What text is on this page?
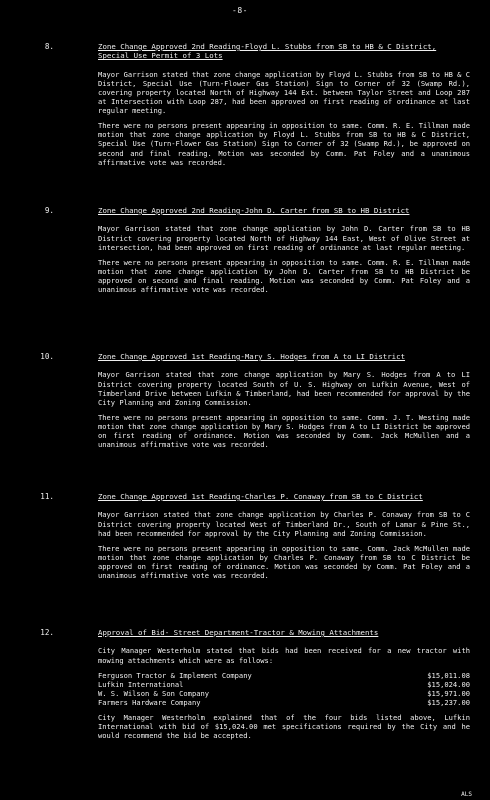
-8-
8.	Zone Change Approved 2nd Reading-Floyd L. Stubbs from SB to HB & C District, Special Use Permit of 3 Lots
Mayor Garrison stated that zone change application by Floyd L. Stubbs from SB to HB & C District, Special Use (Turn-Flower Gas Station) Sign to Corner of 32 (Swamp Rd.), covering property located North of Highway 144 Ext. between Taylor Street and Loop 287 at Intersection with Loop 287, had been approved on first reading of ordinance at last regular meeting.
There were no persons present appearing in opposition to same. Comm. R. E. Tillman made motion that zone change application by Floyd L. Stubbs from SB to HB & C District, Special Use (Turn-Flower Gas Station) Sign to Corner of 32 (Swamp Rd.), be approved on second and final reading. Motion was seconded by Comm. Pat Foley and a unanimous affirmative vote was recorded.
9.	Zone Change Approved 2nd Reading-John D. Carter from SB to HB District
Mayor Garrison stated that zone change application by John D. Carter from SB to HB District covering property located North of Highway 144 East, West of Olive Street at intersection, had been approved on first reading of ordinance at last regular meeting.
There were no persons present appearing in opposition to same. Comm. R. E. Tillman made motion that zone change application by John D. Carter from SB to HB District be approved on second and final reading. Motion was seconded by Comm. Pat Foley and a unanimous affirmative vote was recorded.
10.	Zone Change Approved 1st Reading-Mary S. Hodges from A to LI District
Mayor Garrison stated that zone change application by Mary S. Hodges from A to LI District covering property located South of U. S. Highway on Lufkin Avenue, West of Timberland Drive between Lufkin & Timberland, had been recommended for approval by the City Planning and Zoning Commission.
There were no persons present appearing in opposition to same. Comm. J. T. Westing made motion that zone change application by Mary S. Hodges from A to LI District be approved on first reading of ordinance. Motion was seconded by Comm. Jack McMullen and a unanimous affirmative vote was recorded.
11.	Zone Change Approved 1st Reading-Charles P. Conaway from SB to C District
Mayor Garrison stated that zone change application by Charles P. Conaway from SB to C District covering property located West of Timberland Dr., South of Lamar & Pine St., had been recommended for approval by the City Planning and Zoning Commission.
There were no persons present appearing in opposition to same. Comm. Jack McMullen made motion that zone change application by Charles P. Conaway from SB to C District be approved on first reading of ordinance. Motion was seconded by Comm. Pat Foley and a unanimous affirmative vote was recorded.
12.	Approval of Bid- Street Department-Tractor & Mowing Attachments
City Manager Westerholm stated that bids had been received for a new tractor with mowing attachments which were as follows:
Ferguson Tractor & Implement Company	$15,011.08
Lufkin International	$15,024.00
W. S. Wilson & Son Company	$15,971.00
Farmers Hardware Company	$15,237.00
City Manager Westerholm explained that of the four bids listed above, Lufkin International with bid of $15,024.00 met specifications required by the City and he would recommend the bid be accepted.
ALS
